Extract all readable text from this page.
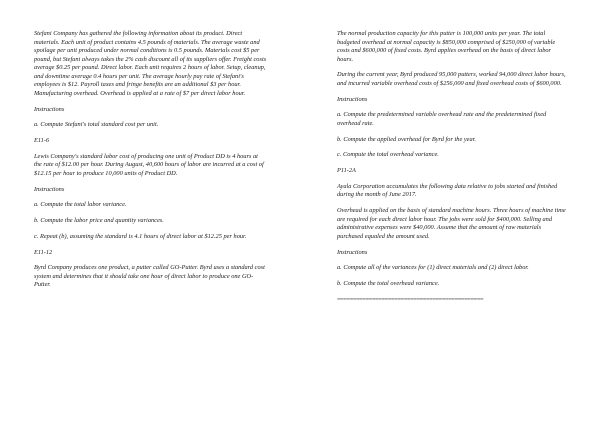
Stefani Company has gathered the following information about its product. Direct materials. Each unit of product contains 4.5 pounds of materials. The average waste and spoilage per unit produced under normal conditions is 0.5 pounds. Materials cost $5 per pound, but Stefani always takes the 2% cash discount all of its suppliers offer. Freight costs average $0.25 per pound. Direct labor. Each unit requires 2 hours of labor. Setup, cleanup, and downtime average 0.4 hours per unit. The average hourly pay rate of Stefani's employees is $12. Payroll taxes and fringe benefits are an additional $3 per hour. Manufacturing overhead. Overhead is applied at a rate of $7 per direct labor hour.

Instructions

a. Compute Stefani's total standard cost per unit.

E11-6

Lewis Company's standard labor cost of producing one unit of Product DD is 4 hours at the rate of $12.00 per hour. During August, 40,600 hours of labor are incurred at a cost of $12.15 per hour to produce 10,000 units of Product DD.

Instructions

a. Compute the total labor variance.

b. Compute the labor price and quantity variances.

c. Repeat (b), assuming the standard is 4.1 hours of direct labor at $12.25 per hour.

E11-12

Byrd Company produces one product, a putter called GO-Putter. Byrd uses a standard cost system and determines that it should take one hour of direct labor to produce one GO-Putter.

The normal production capacity for this putter is 100,000 units per year. The total budgeted overhead at normal capacity is $850,000 comprised of $250,000 of variable costs and $600,000 of fixed costs. Byrd applies overhead on the basis of direct labor hours.

During the current year, Byrd produced 95,000 putters, worked 94,000 direct labor hours, and incurred variable overhead costs of $256,000 and fixed overhead costs of $600,000.

Instructions

a. Compute the predetermined variable overhead rate and the predetermined fixed overhead rate.

b. Compute the applied overhead for Byrd for the year.

c. Compute the total overhead variance.

P11-2A

Ayala Corporation accumulates the following data relative to jobs started and finished during the month of June 2017.

Overhead is applied on the basis of standard machine hours. Three hours of machine time are required for each direct labor hour. The jobs were sold for $400,000. Selling and administrative expenses were $40,000. Assume that the amount of raw materials purchased equaled the amount used.

Instructions

a. Compute all of the variances for (1) direct materials and (2) direct labor.

b. Compute the total overhead variance.

==============================================
